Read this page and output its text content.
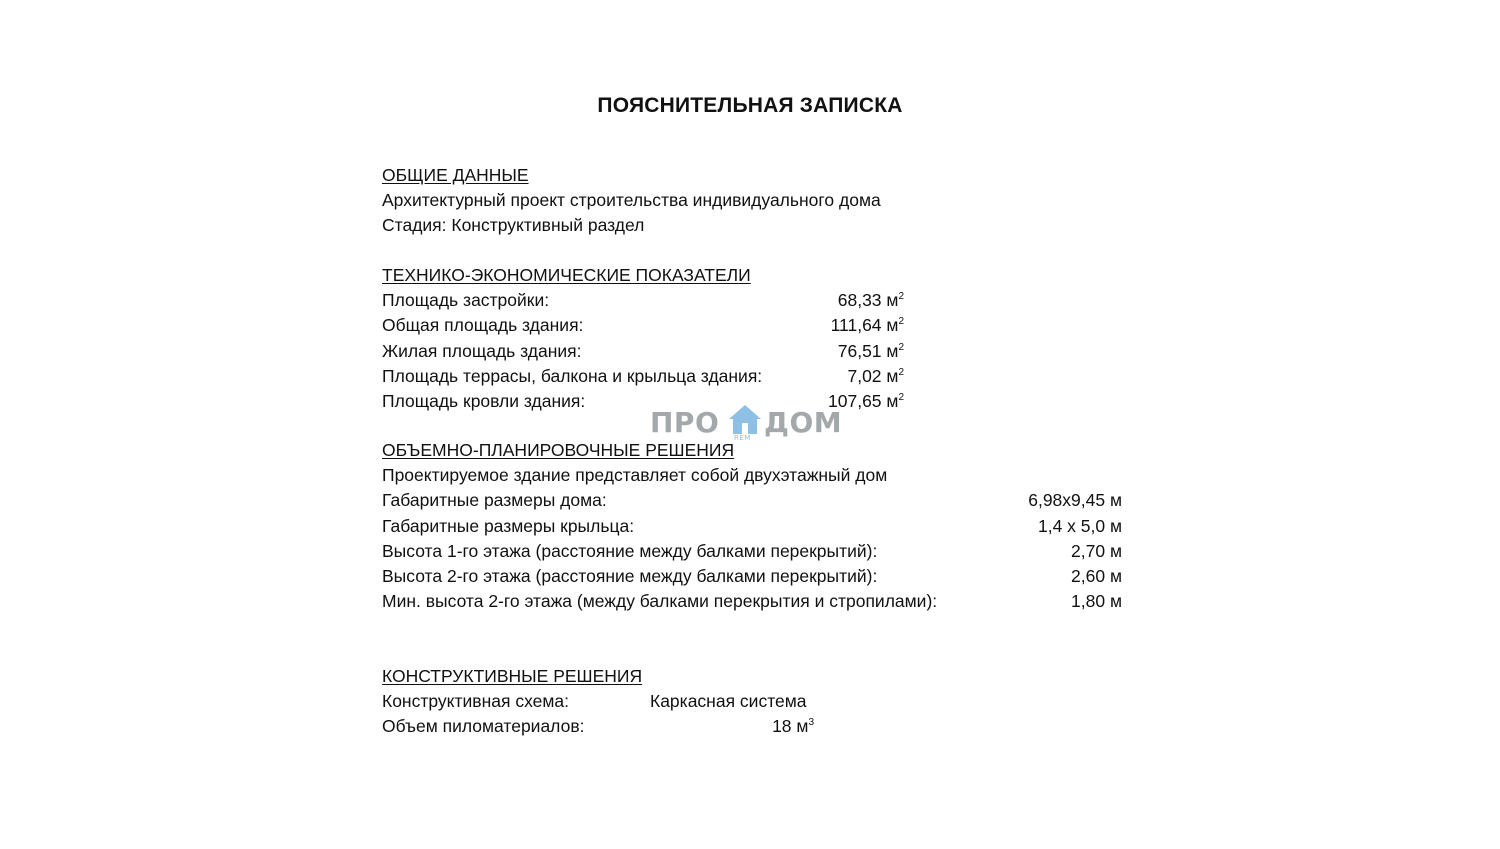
ПОЯСНИТЕЛЬНАЯ ЗАПИСКА
ОБЩИЕ ДАННЫЕ
Архитектурный проект строительства индивидуального дома
Стадия: Конструктивный раздел
ТЕХНИКО-ЭКОНОМИЧЕСКИЕ ПОКАЗАТЕЛИ
Площадь застройки:	68,33 $м^2$
Общая площадь здания:	111,64 $м^2$
Жилая площадь здания:	76,51 $м^2$
Площадь террасы, балкона и крыльца здания:	7,02 $м^2$
Площадь кровли здания:	107,65 $м^2$
ПРО REM ДОМ
ОБЪЕМНО-ПЛАНИРОВОЧНЫЕ РЕШЕНИЯ
Проектируемое здание представляет собой двухэтажный дом
Габаритные размеры дома:	6,98х9,45 м
Габаритные размеры крыльца:	1,4 х 5,0 м
Высота 1-го этажа (расстояние между балками перекрытий):	2,70 м
Высота 2-го этажа (расстояние между балками перекрытий):	2,60 м
Мин. высота 2-го этажа (между балками перекрытия и стропилами):	1,80 м
КОНСТРУКТИВНЫЕ РЕШЕНИЯ
Конструктивная схема:	Каркасная система
Объем пиломатериалов:	18 $м^3$
